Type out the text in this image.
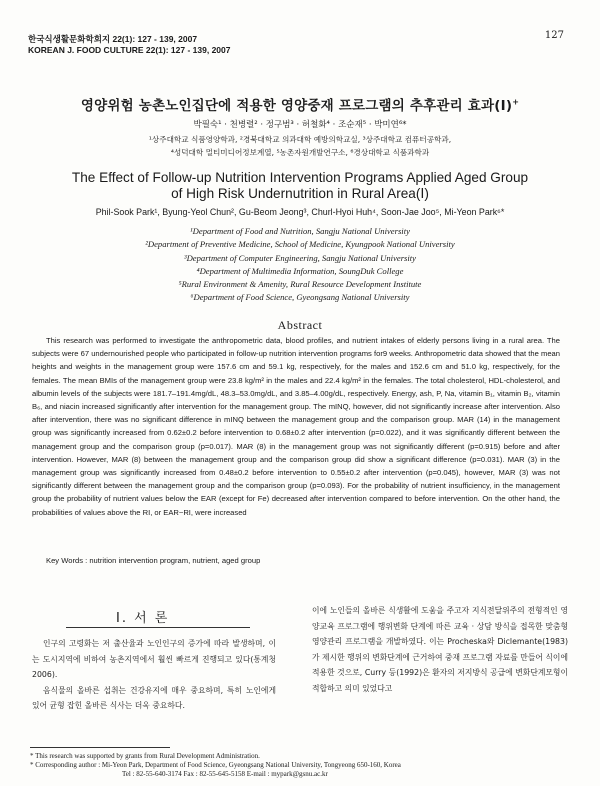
한국식생활문화학회지 22(1): 127 - 139, 2007
KOREAN J. FOOD CULTURE 22(1): 127 - 139, 2007
127
영양위험 농촌노인집단에 적용한 영양중재 프로그램의 추후관리 효과(Ⅰ)+
박필숙¹ · 천병렬² · 정구범³ · 허철화⁴ · 조순재⁵ · 박미연⁶*
¹상주대학교 식품영양학과, ²경북대학교 의과대학 예방의학교실, ³상주대학교 컴퓨터공학과,
⁴성덕대학 멀티미디어정보계열, ⁵농촌자원개발연구소, ⁶경상대학교 식품과학과
The Effect of Follow-up Nutrition Intervention Programs Applied Aged Group of High Risk Undernutrition in Rural Area(Ⅰ)
Phil-Sook Park¹, Byung-Yeol Chun², Gu-Beom Jeong³, Churl-Hyoi Huh⁴, Soon-Jae Joo⁵, Mi-Yeon Park⁶*
¹Department of Food and Nutrition, Sangju National University
²Department of Preventive Medicine, School of Medicine, Kyungpook National University
³Department of Computer Engineering, Sangju National University
⁴Department of Multimedia Information, SoungDuk College
⁵Rural Environment & Amenity, Rural Resource Development Institute
⁶Department of Food Science, Gyeongsang National University
Abstract
This research was performed to investigate the anthropometric data, blood profiles, and nutrient intakes of elderly persons living in a rural area. The subjects were 67 undernourished people who participated in follow-up nutrition intervention programs for9 weeks. Anthropometric data showed that the mean heights and weights in the management group were 157.6 cm and 59.1 kg, respectively, for the males and 152.6 cm and 51.0 kg, respectively, for the females. The mean BMIs of the management group were 23.8 kg/m² in the males and 22.4 kg/m² in the females. The total cholesterol, HDL-cholesterol, and albumin levels of the subjects were 181.7–191.4mg/dL, 48.3–53.0mg/dL, and 3.85–4.00g/dL, respectively. Energy, ash, P, Na, vitamin B₁, vitamin B₂, vitamin B₆, and niacin increased significantly after intervention for the management group. The mINQ, however, did not significantly increase after intervention. Also after intervention, there was no significant difference in mINQ between the management group and the comparison group. MAR (14) in the management group was significantly increased from 0.62±0.2 before intervention to 0.68±0.2 after intervention (p=0.022), and it was significantly different between the management group and the comparison group (p=0.017). MAR (8) in the management group was not significantly different (p=0.915) before and after intervention. However, MAR (8) between the management group and the comparison group did show a significant difference (p=0.031). MAR (3) in the management group was significantly increased from 0.48±0.2 before intervention to 0.55±0.2 after intervention (p=0.045), however, MAR (3) was not significantly different between the management group and the comparison group (p=0.093). For the probability of nutrient insufficiency, in the management group the probability of nutrient values below the EAR (except for Fe) decreased after intervention compared to before intervention. On the other hand, the probabilities of values above the RI, or EAR~RI, were increased
Key Words : nutrition intervention program, nutrient, aged group
Ⅰ. 서 론

인구의 고령화는 저 출산율과 노인인구의 증가에 따라 발생하며, 이는 도시지역에 비하여 농촌지역에서 훨씬 빠르게 진행되고 있다(통계청 2006).

음식물의 올바른 섭취는 건강유지에 매우 중요하며, 특히 노인에게 있어 균형 잡힌 올바른 식사는 더욱 중요하다.

이에 노인들의 올바른 식생활에 도움을 주고자 지식전달위주의 전형적인 영양교육 프로그램에 행위변화 단계에 따른 교육 · 상담 방식을 접목한 맞춤형 영양관리 프로그램을 개발하였다. 이는 Procheska와 Diclemante(1983)가 제시한 행위의 변화단계에 근거하여 중재 프로그램 자료를 만들어 식이에 적용한 것으로, Curry 등(1992)은 환자의 저지방식 공급에 변화단계모형이 적합하고 의미 있었다고

* This research was supported by grants from Rural Development Administration.
* Corresponding author : Mi-Yeon Park, Department of Food Science, Gyeongsang National University, Tongyeong 650-160, Korea
Tel : 82-55-640-3174 Fax : 82-55-645-5158 E-mail : mypark@gsnu.ac.kr
